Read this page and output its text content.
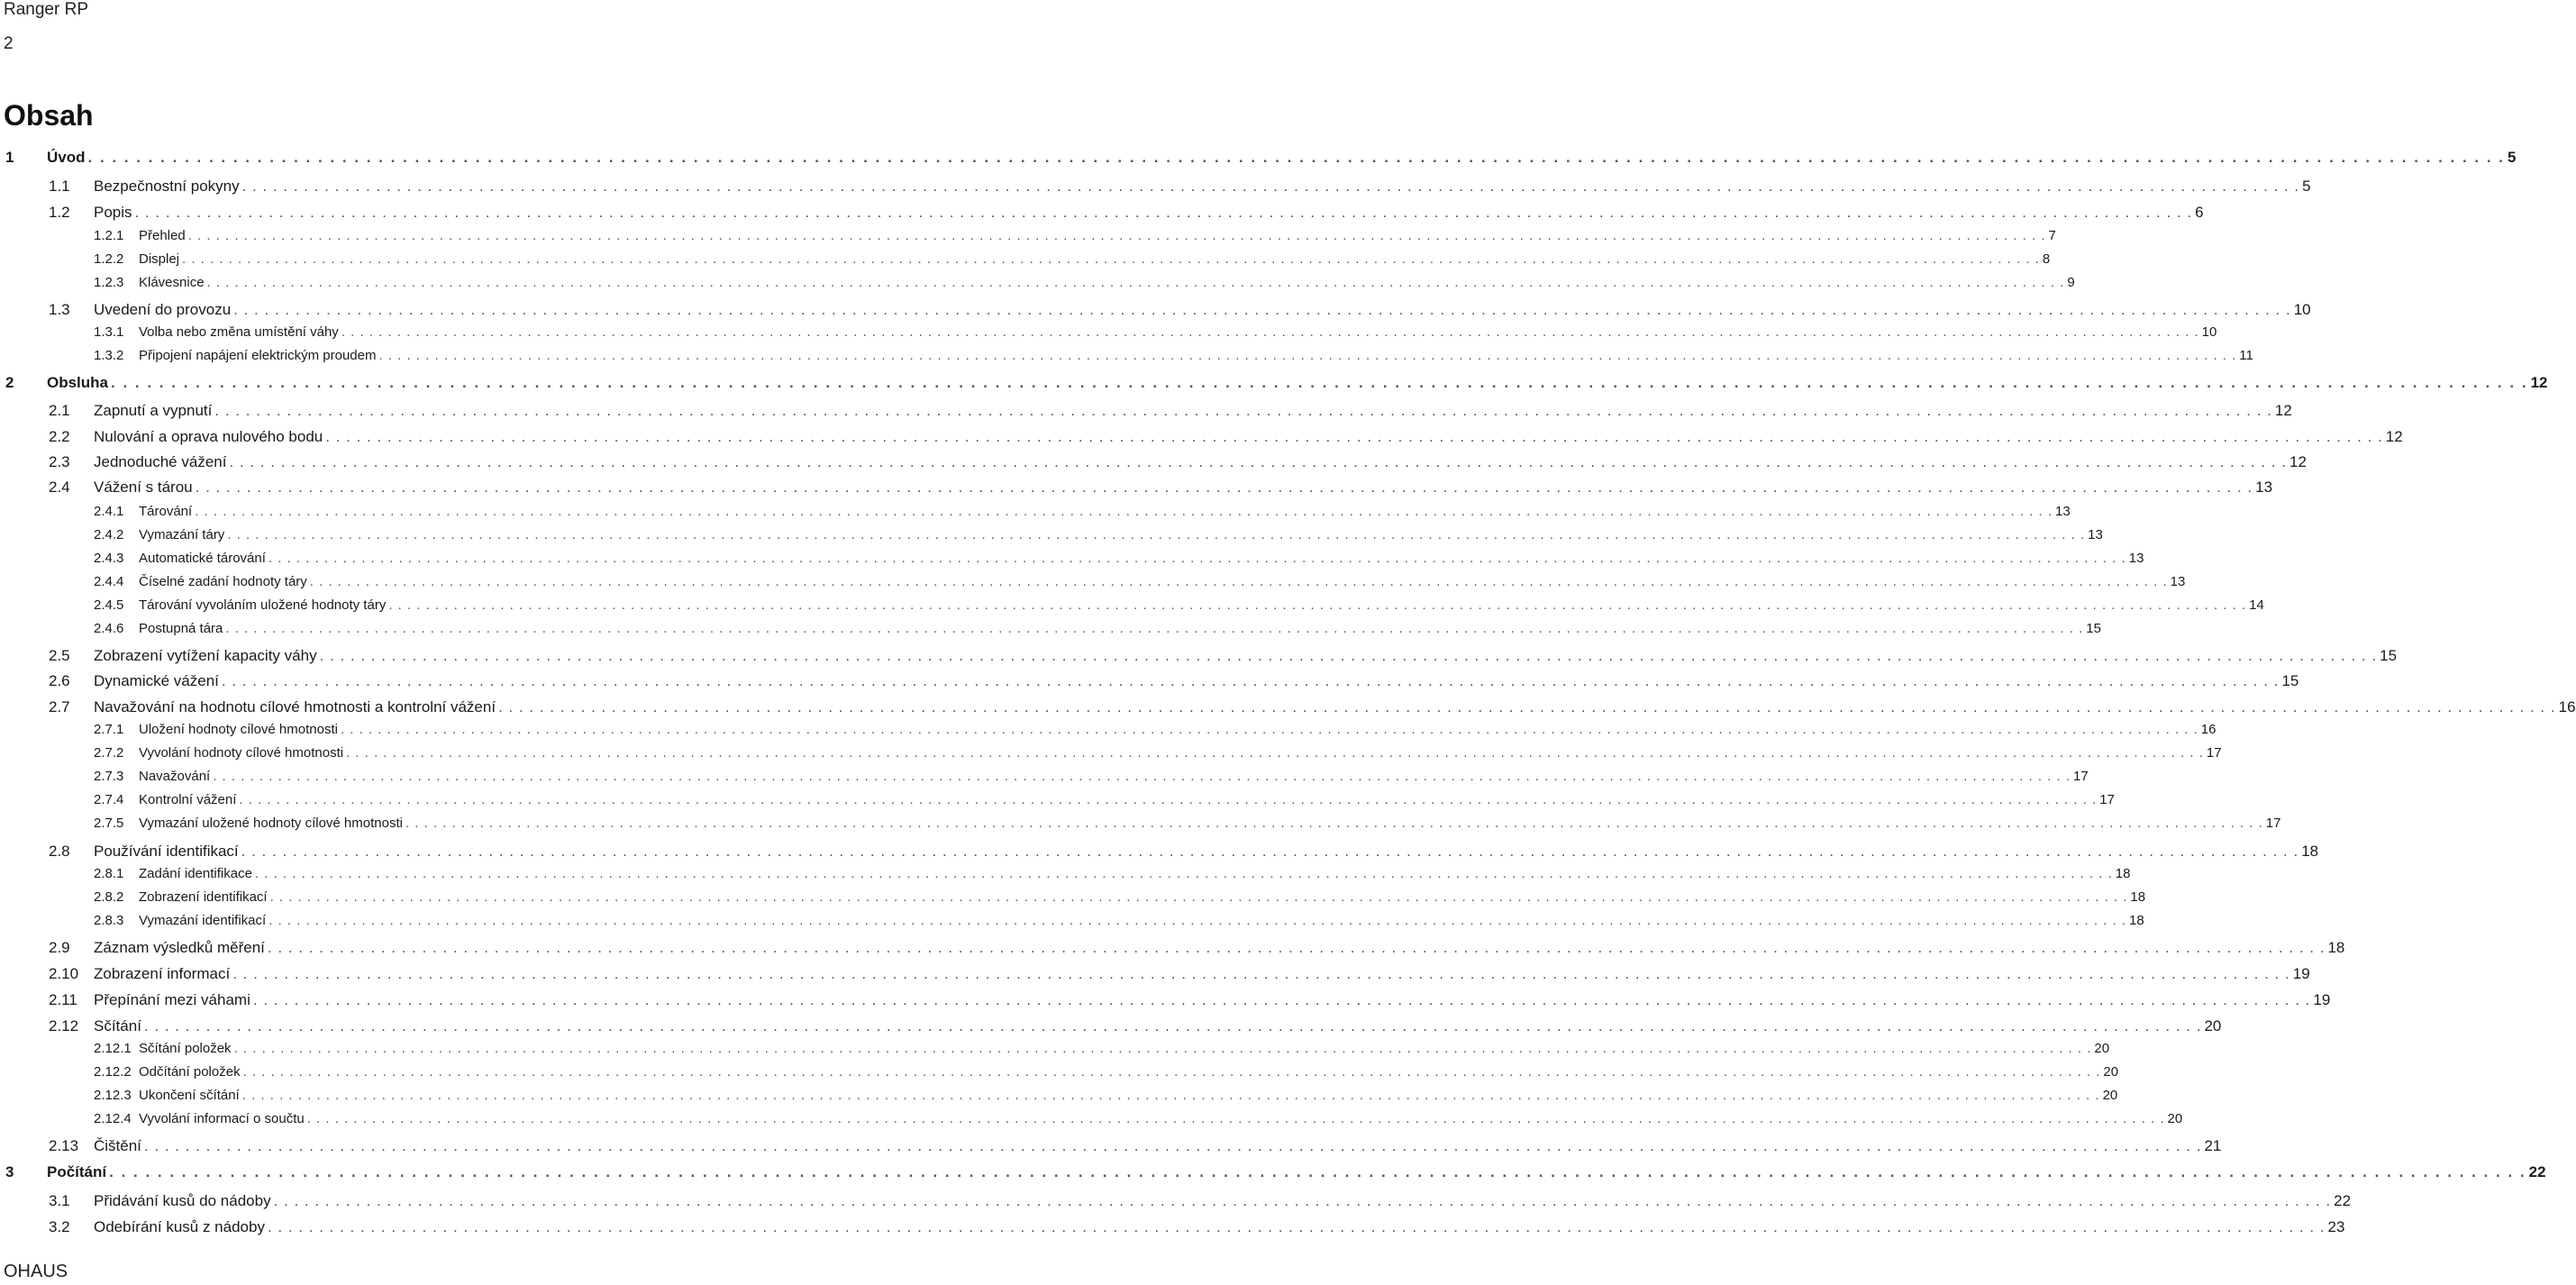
Ranger RP
2
Obsah
1 Úvod . . . . . . . . . . . . . . . . . . . . . . . . . . . . . . . . . . . . . . . . . . . . . . . . . . . . . . . . . . . . . . . . . . . . . . . . . . . . . . . . . . . . . . . . . . . . . . . . . . . . . . . . . . . . . . . . . . . . . . . . . . . . . . . . . . . . . . . . . . . . . . . . . . . . . . . . . . . . . . . . . . . . . . . . . . . . . . . . . . . . . . . . . . . . . . . . . . . . . . . . 5
1.1 Bezpečnostní pokyny . . . . . . . . . . . . . . . . . . . . . . . . . . . . . . . . . . . . . . . . . . . . . . . . . . . . . . . . . . . . . . . . . . . . . . . . . . . . . . . . . . . . . . . . . . . . . . . . . . . . . . . . . . . . . . . . . . . . . . . . . . . . . . . . . . . . . . . . . . . . . . . . . . . . . . . . . . . . . . . . . . . . . . . . . . . . . . . . . . . . . . . . . . . . . . . . . . . . . . . . 5
1.2 Popis . . . . . . . . . . . . . . . . . . . . . . . . . . . . . . . . . . . . . . . . . . . . . . . . . . . . . . . . . . . . . . . . . . . . . . . . . . . . . . . . . . . . . . . . . . . . . . . . . . . . . . . . . . . . . . . . . . . . . . . . . . . . . . . . . . . . . . . . . . . . . . . . . . . . . . . . . . . . . . . . . . . . . . . . . . . . . . . . . . . . . . . . . . . . . . . . . . . . . . . . 6
1.2.1 Přehled . . . . . . . . . . . . . . . . . . . . . . . . . . . . . . . . . . . . . . . . . . . . . . . . . . . . . . . . . . . . . . . . . . . . . . . . . . . . . . . . . . . . . . . . . . . . . . . . . . . . . . . . . . . . . . . . . . . . . . . . . . . . . . . . . . . . . . . . . . . . . . . . . . . . . . . . . . . . . . . . . . . . . . . . . . . . . . . . . . . . . . . . . . . . . . . . . . . . . . . . 7
1.2.2 Displej . . . . . . . . . . . . . . . . . . . . . . . . . . . . . . . . . . . . . . . . . . . . . . . . . . . . . . . . . . . . . . . . . . . . . . . . . . . . . . . . . . . . . . . . . . . . . . . . . . . . . . . . . . . . . . . . . . . . . . . . . . . . . . . . . . . . . . . . . . . . . . . . . . . . . . . . . . . . . . . . . . . . . . . . . . . . . . . . . . . . . . . . . . . . . . . . . . . . . . . . 8
1.2.3 Klávesnice . . . . . . . . . . . . . . . . . . . . . . . . . . . . . . . . . . . . . . . . . . . . . . . . . . . . . . . . . . . . . . . . . . . . . . . . . . . . . . . . . . . . . . . . . . . . . . . . . . . . . . . . . . . . . . . . . . . . . . . . . . . . . . . . . . . . . . . . . . . . . . . . . . . . . . . . . . . . . . . . . . . . . . . . . . . . . . . . . . . . . . . . . . . . . . . . . . . . . . . . 9
1.3 Uvedení do provozu . . . . . . . . . . . . . . . . . . . . . . . . . . . . . . . . . . . . . . . . . . . . . . . . . . . . . . . . . . . . . . . . . . . . . . . . . . . . . . . . . . . . . . . . . . . . . . . . . . . . . . . . . . . . . . . . . . . . . . . . . . . . . . . . . . . . . . . . . . . . . . . . . . . . . . . . . . . . . . . . . . . . . . . . . . . . . . . . . . . . . . . . . . . . . . . . . . . . . . . . 10
1.3.1 Volba nebo změna umístění váhy . . . . . . . . . . . . . . . . . . . . . . . . . . . . . . . . . . . . . . . . . . . . . . . . . . . . . . . . . . . . . . . . . . . . . . . . . . . . . . . . . . . . . . . . . . . . . . . . . . . . . . . . . . . . . . . . . . . . . . . . . . . . . . . . . . . . . . . . . . . . . . . . . . . . . . . . . . . . . . . . . . . . . . . . . . . . . . . . . . . . . . . . . . . . . . . . . . . . . . . . 10
1.3.2 Připojení napájení elektrickým proudem . . . . . . . . . . . . . . . . . . . . . . . . . . . . . . . . . . . . . . . . . . . . . . . . . . . . . . . . . . . . . . . . . . . . . . . . . . . . . . . . . . . . . . . . . . . . . . . . . . . . . . . . . . . . . . . . . . . . . . . . . . . . . . . . . . . . . . . . . . . . . . . . . . . . . . . . . . . . . . . . . . . . . . . . . . . . . . . . . . . . . . . . . . . . . . . . . . . . . . . . 11
2 Obsluha . . . . . . . . . . . . . . . . . . . . . . . . . . . . . . . . . . . . . . . . . . . . . . . . . . . . . . . . . . . . . . . . . . . . . . . . . . . . . . . . . . . . . . . . . . . . . . . . . . . . . . . . . . . . . . . . . . . . . . . . . . . . . . . . . . . . . . . . . . . . . . . . . . . . . . . . . . . . . . . . . . . . . . . . . . . . . . . . . . . . . . . . . . . . . . . . . . . . . . . . 12
2.1 Zapnutí a vypnutí . . . . . . . . . . . . . . . . . . . . . . . . . . . . . . . . . . . . . . . . . . . . . . . . . . . . . . . . . . . . . . . . . . . . . . . . . . . . . . . . . . . . . . . . . . . . . . . . . . . . . . . . . . . . . . . . . . . . . . . . . . . . . . . . . . . . . . . . . . . . . . . . . . . . . . . . . . . . . . . . . . . . . . . . . . . . . . . . . . . . . . . . . . . . . . . . . . . . . . . . 12
2.2 Nulování a oprava nulového bodu . . . . . . . . . . . . . . . . . . . . . . . . . . . . . . . . . . . . . . . . . . . . . . . . . . . . . . . . . . . . . . . . . . . . . . . . . . . . . . . . . . . . . . . . . . . . . . . . . . . . . . . . . . . . . . . . . . . . . . . . . . . . . . . . . . . . . . . . . . . . . . . . . . . . . . . . . . . . . . . . . . . . . . . . . . . . . . . . . . . . . . . . . . . . . . . . . . . . . . . . 12
2.3 Jednoduché vážení . . . . . . . . . . . . . . . . . . . . . . . . . . . . . . . . . . . . . . . . . . . . . . . . . . . . . . . . . . . . . . . . . . . . . . . . . . . . . . . . . . . . . . . . . . . . . . . . . . . . . . . . . . . . . . . . . . . . . . . . . . . . . . . . . . . . . . . . . . . . . . . . . . . . . . . . . . . . . . . . . . . . . . . . . . . . . . . . . . . . . . . . . . . . . . . . . . . . . . . . 12
2.4 Vážení s tárou . . . . . . . . . . . . . . . . . . . . . . . . . . . . . . . . . . . . . . . . . . . . . . . . . . . . . . . . . . . . . . . . . . . . . . . . . . . . . . . . . . . . . . . . . . . . . . . . . . . . . . . . . . . . . . . . . . . . . . . . . . . . . . . . . . . . . . . . . . . . . . . . . . . . . . . . . . . . . . . . . . . . . . . . . . . . . . . . . . . . . . . . . . . . . . . . . . . . . . . . 13
2.4.1 Tárování . . . . . . . . . . . . . . . . . . . . . . . . . . . . . . . . . . . . . . . . . . . . . . . . . . . . . . . . . . . . . . . . . . . . . . . . . . . . . . . . . . . . . . . . . . . . . . . . . . . . . . . . . . . . . . . . . . . . . . . . . . . . . . . . . . . . . . . . . . . . . . . . . . . . . . . . . . . . . . . . . . . . . . . . . . . . . . . . . . . . . . . . . . . . . . . . . . . . . . . . 13
2.4.2 Vymazání táry . . . . . . . . . . . . . . . . . . . . . . . . . . . . . . . . . . . . . . . . . . . . . . . . . . . . . . . . . . . . . . . . . . . . . . . . . . . . . . . . . . . . . . . . . . . . . . . . . . . . . . . . . . . . . . . . . . . . . . . . . . . . . . . . . . . . . . . . . . . . . . . . . . . . . . . . . . . . . . . . . . . . . . . . . . . . . . . . . . . . . . . . . . . . . . . . . . . . . . . . 13
2.4.3 Automatické tárování . . . . . . . . . . . . . . . . . . . . . . . . . . . . . . . . . . . . . . . . . . . . . . . . . . . . . . . . . . . . . . . . . . . . . . . . . . . . . . . . . . . . . . . . . . . . . . . . . . . . . . . . . . . . . . . . . . . . . . . . . . . . . . . . . . . . . . . . . . . . . . . . . . . . . . . . . . . . . . . . . . . . . . . . . . . . . . . . . . . . . . . . . . . . . . . . . . . . . . . . 13
2.4.4 Číselné zadání hodnoty táry . . . . . . . . . . . . . . . . . . . . . . . . . . . . . . . . . . . . . . . . . . . . . . . . . . . . . . . . . . . . . . . . . . . . . . . . . . . . . . . . . . . . . . . . . . . . . . . . . . . . . . . . . . . . . . . . . . . . . . . . . . . . . . . . . . . . . . . . . . . . . . . . . . . . . . . . . . . . . . . . . . . . . . . . . . . . . . . . . . . . . . . . . . . . . . . . . . . . . . . . 13
2.4.5 Tárování vyvoláním uložené hodnoty táry . . . . . . . . . . . . . . . . . . . . . . . . . . . . . . . . . . . . . . . . . . . . . . . . . . . . . . . . . . . . . . . . . . . . . . . . . . . . . . . . . . . . . . . . . . . . . . . . . . . . . . . . . . . . . . . . . . . . . . . . . . . . . . . . . . . . . . . . . . . . . . . . . . . . . . . . . . . . . . . . . . . . . . . . . . . . . . . . . . . . . . . . . . . . . . . . . . . . . . . . 14
2.4.6 Postupná tára . . . . . . . . . . . . . . . . . . . . . . . . . . . . . . . . . . . . . . . . . . . . . . . . . . . . . . . . . . . . . . . . . . . . . . . . . . . . . . . . . . . . . . . . . . . . . . . . . . . . . . . . . . . . . . . . . . . . . . . . . . . . . . . . . . . . . . . . . . . . . . . . . . . . . . . . . . . . . . . . . . . . . . . . . . . . . . . . . . . . . . . . . . . . . . . . . . . . . . . . 15
2.5 Zobrazení vytížení kapacity váhy . . . . . . . . . . . . . . . . . . . . . . . . . . . . . . . . . . . . . . . . . . . . . . . . . . . . . . . . . . . . . . . . . . . . . . . . . . . . . . . . . . . . . . . . . . . . . . . . . . . . . . . . . . . . . . . . . . . . . . . . . . . . . . . . . . . . . . . . . . . . . . . . . . . . . . . . . . . . . . . . . . . . . . . . . . . . . . . . . . . . . . . . . . . . . . . . . . . . . . . . 15
2.6 Dynamické vážení . . . . . . . . . . . . . . . . . . . . . . . . . . . . . . . . . . . . . . . . . . . . . . . . . . . . . . . . . . . . . . . . . . . . . . . . . . . . . . . . . . . . . . . . . . . . . . . . . . . . . . . . . . . . . . . . . . . . . . . . . . . . . . . . . . . . . . . . . . . . . . . . . . . . . . . . . . . . . . . . . . . . . . . . . . . . . . . . . . . . . . . . . . . . . . . . . . . . . . . . 15
2.7 Navažování na hodnotu cílové hmotnosti a kontrolní vážení . . . . . . . . . . . . . . . . . . . . . . . . . . . . . . . . . . . . . . . . . . . . . . . . . . . . . . . . . . . . . . . . . . . . . . . . . . . . . . . . . . . . . . . . . . . . . . . . . . . . . . . . . . . . . . . . . . . . . . . . . . . . . . . . . . . . . . . . . . . . . . . . . . . . . . . . . . . . . . . . . . . . . . . . . . . . . . . . . . . . . . . . . . . . . . . . . . . . . . . . 16
2.7.1 Uložení hodnoty cílové hmotnosti . . . . . . . . . . . . . . . . . . . . . . . . . . . . . . . . . . . . . . . . . . . . . . . . . . . . . . . . . . . . . . . . . . . . . . . . . . . . . . . . . . . . . . . . . . . . . . . . . . . . . . . . . . . . . . . . . . . . . . . . . . . . . . . . . . . . . . . . . . . . . . . . . . . . . . . . . . . . . . . . . . . . . . . . . . . . . . . . . . . . . . . . . . . . . . . . . . . . . . . . 16
2.7.2 Vyvolání hodnoty cílové hmotnosti . . . . . . . . . . . . . . . . . . . . . . . . . . . . . . . . . . . . . . . . . . . . . . . . . . . . . . . . . . . . . . . . . . . . . . . . . . . . . . . . . . . . . . . . . . . . . . . . . . . . . . . . . . . . . . . . . . . . . . . . . . . . . . . . . . . . . . . . . . . . . . . . . . . . . . . . . . . . . . . . . . . . . . . . . . . . . . . . . . . . . . . . . . . . . . . . . . . . . . . . 17
2.7.3 Navažování . . . . . . . . . . . . . . . . . . . . . . . . . . . . . . . . . . . . . . . . . . . . . . . . . . . . . . . . . . . . . . . . . . . . . . . . . . . . . . . . . . . . . . . . . . . . . . . . . . . . . . . . . . . . . . . . . . . . . . . . . . . . . . . . . . . . . . . . . . . . . . . . . . . . . . . . . . . . . . . . . . . . . . . . . . . . . . . . . . . . . . . . . . . . . . . . . . . . . . . . 17
2.7.4 Kontrolní vážení . . . . . . . . . . . . . . . . . . . . . . . . . . . . . . . . . . . . . . . . . . . . . . . . . . . . . . . . . . . . . . . . . . . . . . . . . . . . . . . . . . . . . . . . . . . . . . . . . . . . . . . . . . . . . . . . . . . . . . . . . . . . . . . . . . . . . . . . . . . . . . . . . . . . . . . . . . . . . . . . . . . . . . . . . . . . . . . . . . . . . . . . . . . . . . . . . . . . . . . . 17
2.7.5 Vymazání uložené hodnoty cílové hmotnosti . . . . . . . . . . . . . . . . . . . . . . . . . . . . . . . . . . . . . . . . . . . . . . . . . . . . . . . . . . . . . . . . . . . . . . . . . . . . . . . . . . . . . . . . . . . . . . . . . . . . . . . . . . . . . . . . . . . . . . . . . . . . . . . . . . . . . . . . . . . . . . . . . . . . . . . . . . . . . . . . . . . . . . . . . . . . . . . . . . . . . . . . . . . . . . . . . . . . . . . . 17
2.8 Používání identifikací . . . . . . . . . . . . . . . . . . . . . . . . . . . . . . . . . . . . . . . . . . . . . . . . . . . . . . . . . . . . . . . . . . . . . . . . . . . . . . . . . . . . . . . . . . . . . . . . . . . . . . . . . . . . . . . . . . . . . . . . . . . . . . . . . . . . . . . . . . . . . . . . . . . . . . . . . . . . . . . . . . . . . . . . . . . . . . . . . . . . . . . . . . . . . . . . . . . . . . . . 18
2.8.1 Zadání identifikace . . . . . . . . . . . . . . . . . . . . . . . . . . . . . . . . . . . . . . . . . . . . . . . . . . . . . . . . . . . . . . . . . . . . . . . . . . . . . . . . . . . . . . . . . . . . . . . . . . . . . . . . . . . . . . . . . . . . . . . . . . . . . . . . . . . . . . . . . . . . . . . . . . . . . . . . . . . . . . . . . . . . . . . . . . . . . . . . . . . . . . . . . . . . . . . . . . . . . . . . 18
2.8.2 Zobrazení identifikací . . . . . . . . . . . . . . . . . . . . . . . . . . . . . . . . . . . . . . . . . . . . . . . . . . . . . . . . . . . . . . . . . . . . . . . . . . . . . . . . . . . . . . . . . . . . . . . . . . . . . . . . . . . . . . . . . . . . . . . . . . . . . . . . . . . . . . . . . . . . . . . . . . . . . . . . . . . . . . . . . . . . . . . . . . . . . . . . . . . . . . . . . . . . . . . . . . . . . . . . 18
2.8.3 Vymazání identifikací . . . . . . . . . . . . . . . . . . . . . . . . . . . . . . . . . . . . . . . . . . . . . . . . . . . . . . . . . . . . . . . . . . . . . . . . . . . . . . . . . . . . . . . . . . . . . . . . . . . . . . . . . . . . . . . . . . . . . . . . . . . . . . . . . . . . . . . . . . . . . . . . . . . . . . . . . . . . . . . . . . . . . . . . . . . . . . . . . . . . . . . . . . . . . . . . . . . . . . . . 18
2.9 Záznam výsledků měření . . . . . . . . . . . . . . . . . . . . . . . . . . . . . . . . . . . . . . . . . . . . . . . . . . . . . . . . . . . . . . . . . . . . . . . . . . . . . . . . . . . . . . . . . . . . . . . . . . . . . . . . . . . . . . . . . . . . . . . . . . . . . . . . . . . . . . . . . . . . . . . . . . . . . . . . . . . . . . . . . . . . . . . . . . . . . . . . . . . . . . . . . . . . . . . . . . . . . . . . 18
2.10 Zobrazení informací . . . . . . . . . . . . . . . . . . . . . . . . . . . . . . . . . . . . . . . . . . . . . . . . . . . . . . . . . . . . . . . . . . . . . . . . . . . . . . . . . . . . . . . . . . . . . . . . . . . . . . . . . . . . . . . . . . . . . . . . . . . . . . . . . . . . . . . . . . . . . . . . . . . . . . . . . . . . . . . . . . . . . . . . . . . . . . . . . . . . . . . . . . . . . . . . . . . . . . . . 19
2.11 Přepínání mezi váhami . . . . . . . . . . . . . . . . . . . . . . . . . . . . . . . . . . . . . . . . . . . . . . . . . . . . . . . . . . . . . . . . . . . . . . . . . . . . . . . . . . . . . . . . . . . . . . . . . . . . . . . . . . . . . . . . . . . . . . . . . . . . . . . . . . . . . . . . . . . . . . . . . . . . . . . . . . . . . . . . . . . . . . . . . . . . . . . . . . . . . . . . . . . . . . . . . . . . . . . . 19
2.12 Sčítání . . . . . . . . . . . . . . . . . . . . . . . . . . . . . . . . . . . . . . . . . . . . . . . . . . . . . . . . . . . . . . . . . . . . . . . . . . . . . . . . . . . . . . . . . . . . . . . . . . . . . . . . . . . . . . . . . . . . . . . . . . . . . . . . . . . . . . . . . . . . . . . . . . . . . . . . . . . . . . . . . . . . . . . . . . . . . . . . . . . . . . . . . . . . . . . . . . . . . . . . 20
2.12.1 Sčítání položek . . . . . . . . . . . . . . . . . . . . . . . . . . . . . . . . . . . . . . . . . . . . . . . . . . . . . . . . . . . . . . . . . . . . . . . . . . . . . . . . . . . . . . . . . . . . . . . . . . . . . . . . . . . . . . . . . . . . . . . . . . . . . . . . . . . . . . . . . . . . . . . . . . . . . . . . . . . . . . . . . . . . . . . . . . . . . . . . . . . . . . . . . . . . . . . . . . . . . . . . 20
2.12.2 Odčítání položek . . . . . . . . . . . . . . . . . . . . . . . . . . . . . . . . . . . . . . . . . . . . . . . . . . . . . . . . . . . . . . . . . . . . . . . . . . . . . . . . . . . . . . . . . . . . . . . . . . . . . . . . . . . . . . . . . . . . . . . . . . . . . . . . . . . . . . . . . . . . . . . . . . . . . . . . . . . . . . . . . . . . . . . . . . . . . . . . . . . . . . . . . . . . . . . . . . . . . . . . 20
2.12.3 Ukončení sčítání . . . . . . . . . . . . . . . . . . . . . . . . . . . . . . . . . . . . . . . . . . . . . . . . . . . . . . . . . . . . . . . . . . . . . . . . . . . . . . . . . . . . . . . . . . . . . . . . . . . . . . . . . . . . . . . . . . . . . . . . . . . . . . . . . . . . . . . . . . . . . . . . . . . . . . . . . . . . . . . . . . . . . . . . . . . . . . . . . . . . . . . . . . . . . . . . . . . . . . . . 20
2.12.4 Vyvolání informací o součtu . . . . . . . . . . . . . . . . . . . . . . . . . . . . . . . . . . . . . . . . . . . . . . . . . . . . . . . . . . . . . . . . . . . . . . . . . . . . . . . . . . . . . . . . . . . . . . . . . . . . . . . . . . . . . . . . . . . . . . . . . . . . . . . . . . . . . . . . . . . . . . . . . . . . . . . . . . . . . . . . . . . . . . . . . . . . . . . . . . . . . . . . . . . . . . . . . . . . . . . . 20
2.13 Čištění . . . . . . . . . . . . . . . . . . . . . . . . . . . . . . . . . . . . . . . . . . . . . . . . . . . . . . . . . . . . . . . . . . . . . . . . . . . . . . . . . . . . . . . . . . . . . . . . . . . . . . . . . . . . . . . . . . . . . . . . . . . . . . . . . . . . . . . . . . . . . . . . . . . . . . . . . . . . . . . . . . . . . . . . . . . . . . . . . . . . . . . . . . . . . . . . . . . . . . . . 21
3 Počítání . . . . . . . . . . . . . . . . . . . . . . . . . . . . . . . . . . . . . . . . . . . . . . . . . . . . . . . . . . . . . . . . . . . . . . . . . . . . . . . . . . . . . . . . . . . . . . . . . . . . . . . . . . . . . . . . . . . . . . . . . . . . . . . . . . . . . . . . . . . . . . . . . . . . . . . . . . . . . . . . . . . . . . . . . . . . . . . . . . . . . . . . . . . . . . . . . . . . . . . . 22
3.1 Přidávání kusů do nádoby . . . . . . . . . . . . . . . . . . . . . . . . . . . . . . . . . . . . . . . . . . . . . . . . . . . . . . . . . . . . . . . . . . . . . . . . . . . . . . . . . . . . . . . . . . . . . . . . . . . . . . . . . . . . . . . . . . . . . . . . . . . . . . . . . . . . . . . . . . . . . . . . . . . . . . . . . . . . . . . . . . . . . . . . . . . . . . . . . . . . . . . . . . . . . . . . . . . . . . . . 22
3.2 Odebírání kusů z nádoby . . . . . . . . . . . . . . . . . . . . . . . . . . . . . . . . . . . . . . . . . . . . . . . . . . . . . . . . . . . . . . . . . . . . . . . . . . . . . . . . . . . . . . . . . . . . . . . . . . . . . . . . . . . . . . . . . . . . . . . . . . . . . . . . . . . . . . . . . . . . . . . . . . . . . . . . . . . . . . . . . . . . . . . . . . . . . . . . . . . . . . . . . . . . . . . . . . . . . . . . 23
OHAUS
